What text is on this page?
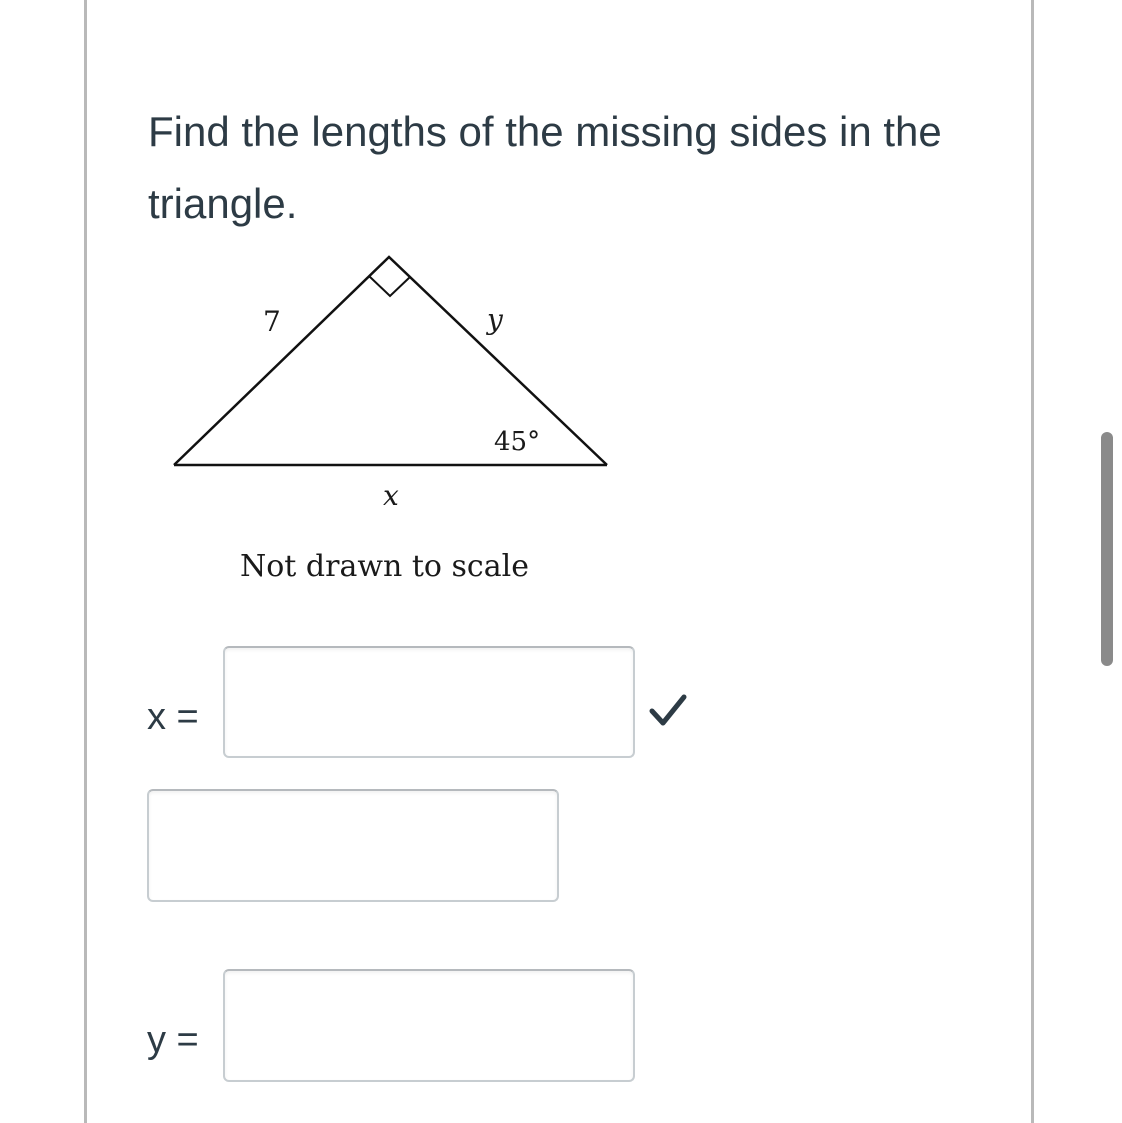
Find the lengths of the missing sides in the triangle.

7	y
45°
x
Not drawn to scale
x =
y =
